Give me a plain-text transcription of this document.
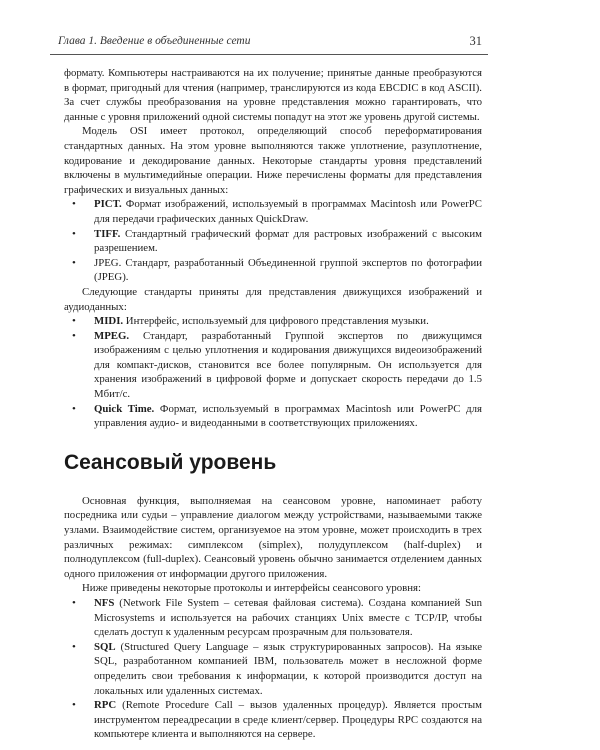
Глава 1. Введение в объединенные сети	31

формату. Компьютеры настраиваются на их получение; принятые данные преобразуются в формат, пригодный для чтения (например, транслируются из кода EBCDIC в код ASCII). За счет службы преобразования на уровне представления можно гарантировать, что данные с уровня приложений одной системы попадут на этот же уровень другой системы.

Модель OSI имеет протокол, определяющий способ переформатирования стандартных данных. На этом уровне выполняются также уплотнение, разуплотнение, кодирование и декодирование данных. Некоторые стандарты уровня представлений включены в мультимедийные операции. Ниже перечислены форматы для представления графических и визуальных данных:

• PICT. Формат изображений, используемый в программах Macintosh или PowerPC для передачи графических данных QuickDraw.
• TIFF. Стандартный графический формат для растровых изображений с высоким разрешением.
• JPEG. Стандарт, разработанный Объединенной группой экспертов по фотографии (JPEG).

Следующие стандарты приняты для представления движущихся изображений и аудиоданных:

• MIDI. Интерфейс, используемый для цифрового представления музыки.
• MPEG. Стандарт, разработанный Группой экспертов по движущимся изображениям с целью уплотнения и кодирования движущихся видеоизображений для компакт-дисков, становится все более популярным. Он используется для хранения изображений в цифровой форме и допускает скорость передачи до 1.5 Мбит/с.
• Quick Time. Формат, используемый в программах Macintosh или PowerPC для управления аудио- и видеоданными в соответствующих приложениях.
Сеансовый уровень

Основная функция, выполняемая на сеансовом уровне, напоминает работу посредника или судьи – управление диалогом между устройствами, называемыми также узлами. Взаимодействие систем, организуемое на этом уровне, может происходить в трех различных режимах: симплексом (simplex), полудуплексом (half-duplex) и полнодуплексом (full-duplex). Сеансовый уровень обычно занимается отделением данных одного приложения от информации другого приложения.

Ниже приведены некоторые протоколы и интерфейсы сеансового уровня:

• NFS (Network File System – сетевая файловая система). Создана компанией Sun Microsystems и используется на рабочих станциях Unix вместе с TCP/IP, чтобы сделать доступ к удаленным ресурсам прозрачным для пользователя.
• SQL (Structured Query Language – язык структурированных запросов). На языке SQL, разработанном компанией IBM, пользователь может в несложной форме определить свои требования к информации, к которой производится доступ на локальных или удаленных системах.
• RPC (Remote Procedure Call – вызов удаленных процедур). Является простым инструментом переадресации в среде клиент/сервер. Процедуры RPC создаются на компьютере клиента и выполняются на сервере.
